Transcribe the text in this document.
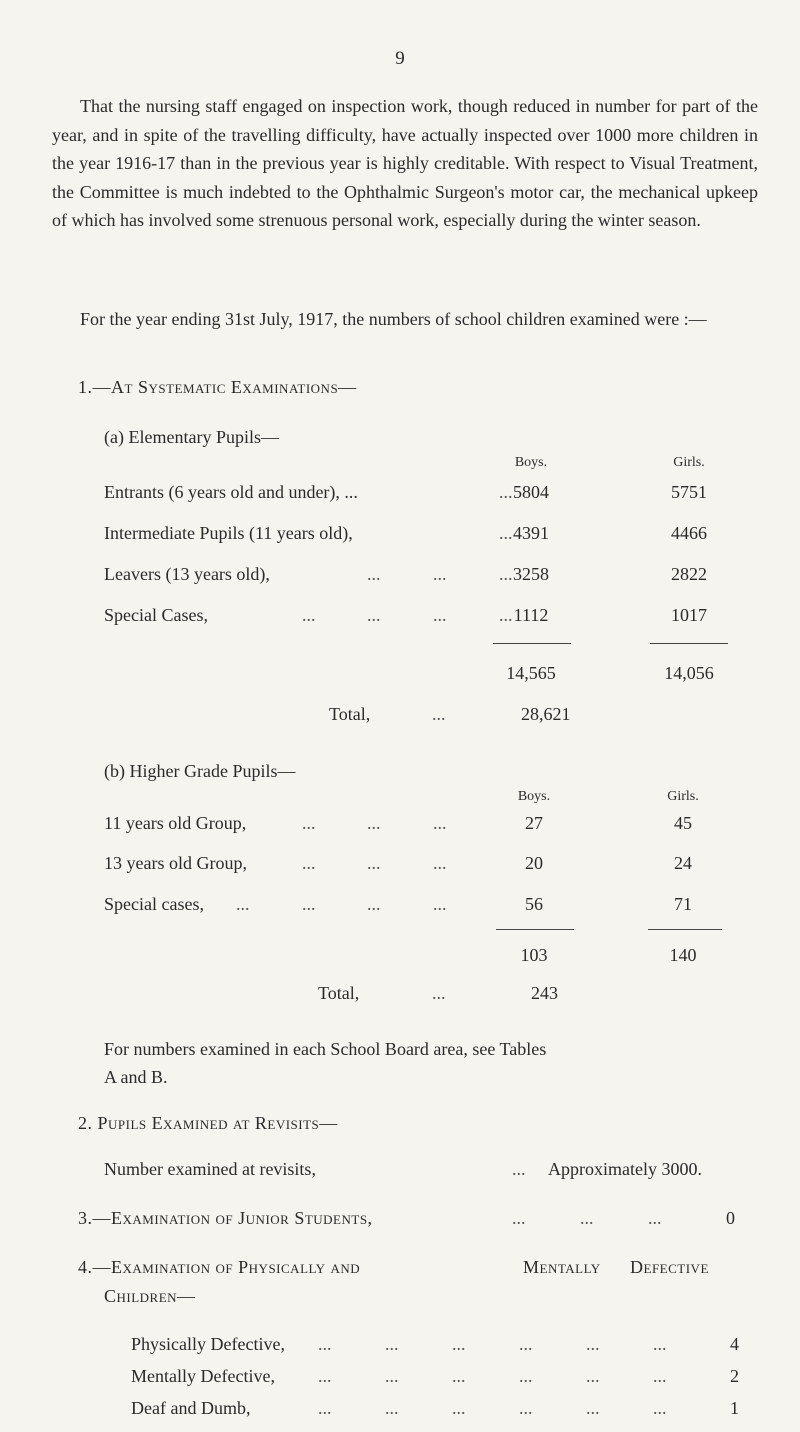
9

That the nursing staff engaged on inspection work, though reduced in number for part of the year, and in spite of the travelling difficulty, have actually inspected over 1000 more children in the year 1916-17 than in the previous year is highly creditable. With respect to Visual Treatment, the Committee is much indebted to the Ophthalmic Surgeon's motor car, the mechanical upkeep of which has involved some strenuous personal work, especially during the winter season.

For the year ending 31st July, 1917, the numbers of school children examined were :—

1.—At Systematic Examinations—
(a) Elementary Pupils—
Boys.	Girls.
Entrants (6 years old and under), ...	... 5804	5751
Intermediate Pupils (11 years old),	... 4391	4466
Leavers (13 years old),	...	...	... 3258	2822
Special Cases,	...	...	...	... 1112	1017
14,565	14,056
Total,	...	28,621
(b) Higher Grade Pupils—
Boys.	Girls.
11 years old Group,	...	...	...	27	45
13 years old Group,	...	...	...	20	24
Special cases, ...	...	...	...	56	71
103	140
Total,	...	243
For numbers examined in each School Board area, see Tables
A and B.
2. Pupils Examined at Revisits—
Number examined at revisits,	... Approximately 3000.
3.—Examination of Junior Students,	...	...	...	0
4.—Examination of Physically and	Mentally Defective
Children—
Physically Defective, ...	...	...	...	...	...	4
Mentally Defective, ...	...	...	...	...	...	2
Deaf and Dumb,	...	...	...	...	...	...	1
